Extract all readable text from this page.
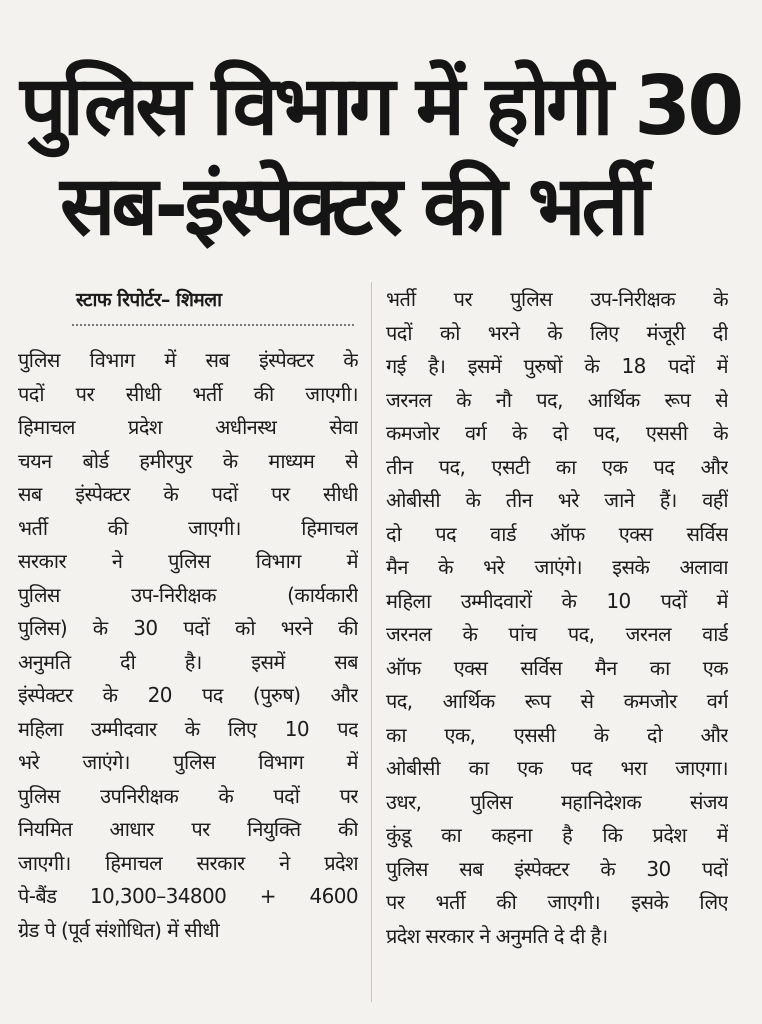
पुलिस विभाग में होगी 30
सब-इंस्पेक्टर की भर्ती
स्टाफ रिपोर्टर– शिमला
पुलिस विभाग में सब इंस्पेक्टर के
पदों पर सीधी भर्ती की जाएगी।
हिमाचल प्रदेश अधीनस्थ सेवा
चयन बोर्ड हमीरपुर के माध्यम से
सब इंस्पेक्टर के पदों पर सीधी
भर्ती की जाएगी। हिमाचल
सरकार ने पुलिस विभाग में
पुलिस उप-निरीक्षक (कार्यकारी
पुलिस) के 30 पदों को भरने की
अनुमति दी है। इसमें सब
इंस्पेक्टर के 20 पद (पुरुष) और
महिला उम्मीदवार के लिए 10 पद
भरे जाएंगे। पुलिस विभाग में
पुलिस उपनिरीक्षक के पदों पर
नियमित आधार पर नियुक्ति की
जाएगी। हिमाचल सरकार ने प्रदेश
पे-बैंड 10,300–34800 + 4600
ग्रेड पे (पूर्व संशोधित) में सीधी
भर्ती पर पुलिस उप-निरीक्षक के
पदों को भरने के लिए मंजूरी दी
गई है। इसमें पुरुषों के 18 पदों में
जरनल के नौ पद, आर्थिक रूप से
कमजोर वर्ग के दो पद, एससी के
तीन पद, एसटी का एक पद और
ओबीसी के तीन भरे जाने हैं। वहीं
दो पद वार्ड ऑफ एक्स सर्विस
मैन के भरे जाएंगे। इसके अलावा
महिला उम्मीदवारों के 10 पदों में
जरनल के पांच पद, जरनल वार्ड
ऑफ एक्स सर्विस मैन का एक
पद, आर्थिक रूप से कमजोर वर्ग
का एक, एससी के दो और
ओबीसी का एक पद भरा जाएगा।
उधर, पुलिस महानिदेशक संजय
कुंडू का कहना है कि प्रदेश में
पुलिस सब इंस्पेक्टर के 30 पदों
पर भर्ती की जाएगी। इसके लिए
प्रदेश सरकार ने अनुमति दे दी है।
